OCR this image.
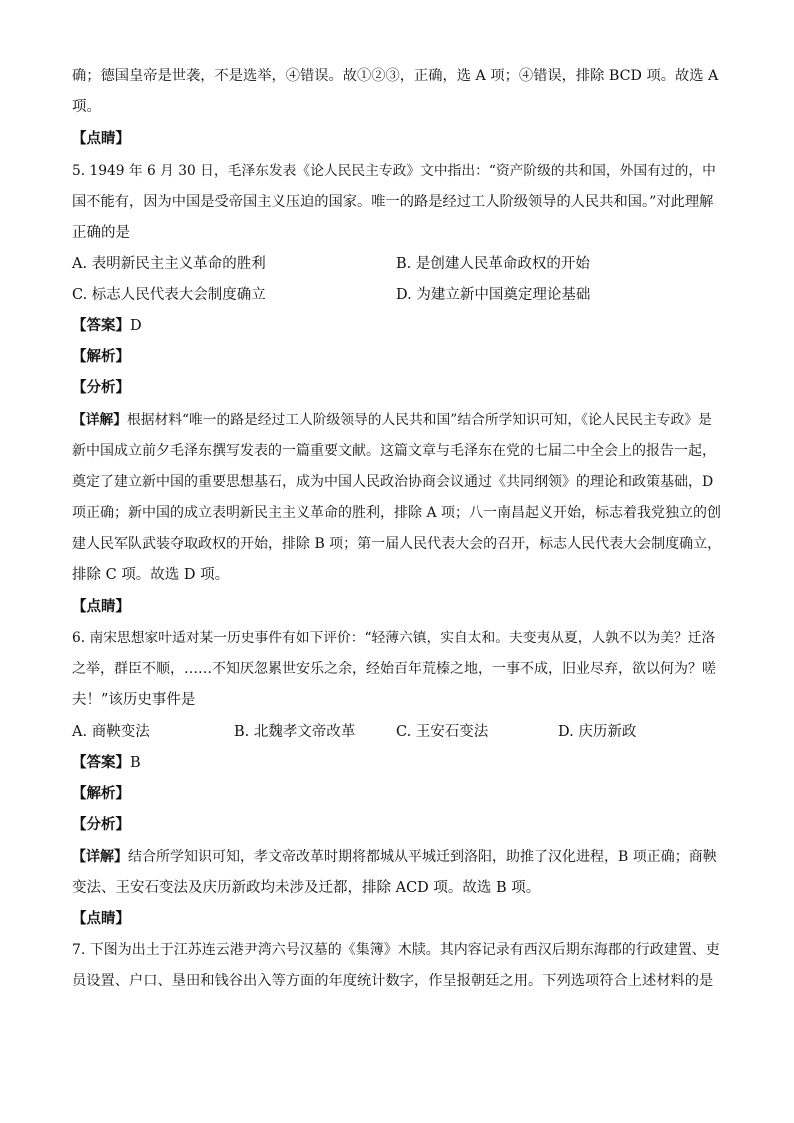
确；德国皇帝是世袭，不是选举，④错误。故①②③，正确，选 A 项；④错误，排除 BCD 项。故选 A
项。
【点睛】
5. 1949 年 6 月 30 日，毛泽东发表《论人民民主专政》文中指出：“资产阶级的共和国，外国有过的，中
国不能有，因为中国是受帝国主义压迫的国家。唯一的路是经过工人阶级领导的人民共和国。”对此理解
正确的是
A. 表明新民主主义革命的胜利	B. 是创建人民革命政权的开始
C. 标志人民代表大会制度确立	D. 为建立新中国奠定理论基础
【答案】D
【解析】
【分析】
【详解】根据材料“唯一的路是经过工人阶级领导的人民共和国”结合所学知识可知，《论人民民主专政》是
新中国成立前夕毛泽东撰写发表的一篇重要文献。这篇文章与毛泽东在党的七届二中全会上的报告一起，
奠定了建立新中国的重要思想基石，成为中国人民政治协商会议通过《共同纲领》的理论和政策基础，D
项正确；新中国的成立表明新民主主义革命的胜利，排除 A 项；八一南昌起义开始，标志着我党独立的创
建人民军队武装夺取政权的开始，排除 B 项；第一届人民代表大会的召开，标志人民代表大会制度确立，
排除 C 项。故选 D 项。
【点睛】
6. 南宋思想家叶适对某一历史事件有如下评价：“轻薄六镇，实自太和。夫变夷从夏，人孰不以为美？迁洛
之举，群臣不顺，……不知厌忽累世安乐之余，经始百年荒榛之地，一事不成，旧业尽弃，欲以何为？嗟
夫！”该历史事件是
A. 商鞅变法	B. 北魏孝文帝改革	C. 王安石变法	D. 庆历新政
【答案】B
【解析】
【分析】
【详解】结合所学知识可知，孝文帝改革时期将都城从平城迁到洛阳，助推了汉化进程，B 项正确；商鞅
变法、王安石变法及庆历新政均未涉及迁都，排除 ACD 项。故选 B 项。
【点睛】
7. 下图为出土于江苏连云港尹湾六号汉墓的《集簿》木牍。其内容记录有西汉后期东海郡的行政建置、吏
员设置、户口、垦田和钱谷出入等方面的年度统计数字，作呈报朝廷之用。下列选项符合上述材料的是
